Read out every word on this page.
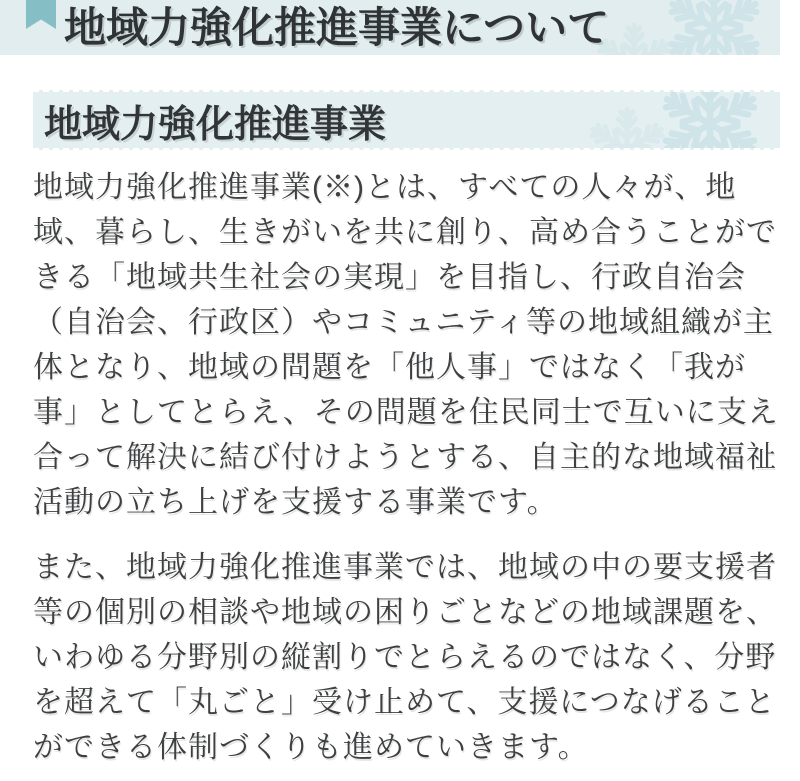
地域力強化推進事業について
地域力強化推進事業

地域力強化推進事業(※)とは、すべての人々が、地
域、暮らし、生きがいを共に創り、高め合うことがで
きる「地域共生社会の実現」を目指し、行政自治会
（自治会、行政区）やコミュニティ等の地域組織が主
体となり、地域の問題を「他人事」ではなく「我が
事」としてとらえ、その問題を住民同士で互いに支え
合って解決に結び付けようとする、自主的な地域福祉
活動の立ち上げを支援する事業です。

また、地域力強化推進事業では、地域の中の要支援者
等の個別の相談や地域の困りごとなどの地域課題を、
いわゆる分野別の縦割りでとらえるのではなく、分野
を超えて「丸ごと」受け止めて、支援につなげること
ができる体制づくりも進めていきます。
